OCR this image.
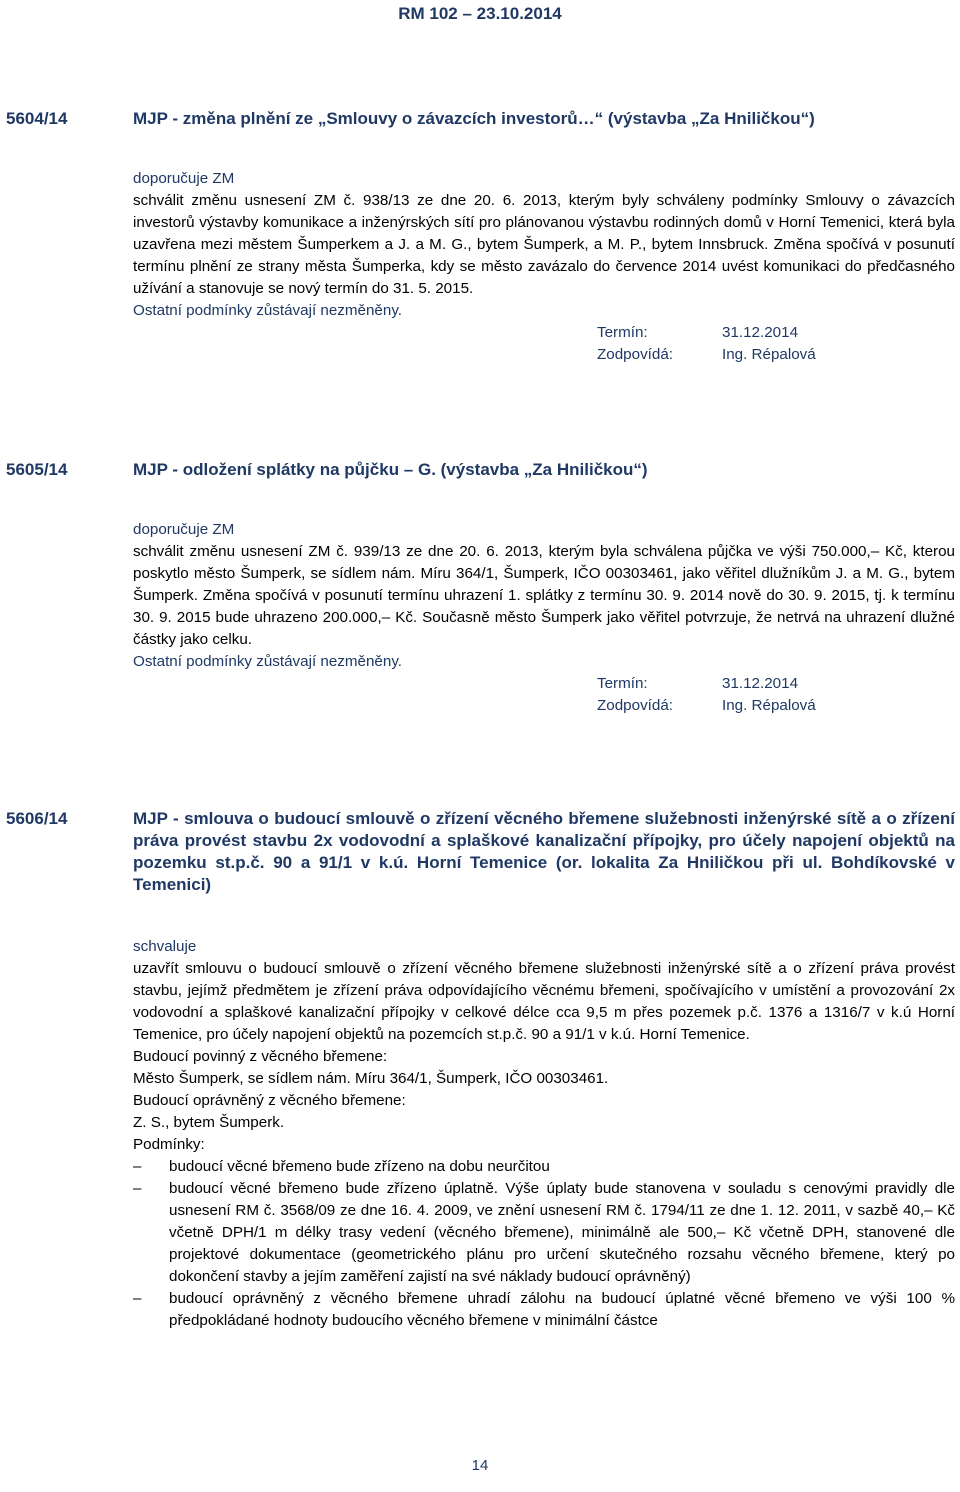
RM 102 – 23.10.2014
5604/14	MJP - změna plnění ze „Smlouvy o závazcích investorů…“ (výstavba „Za Hniličkou“)

doporučuje ZM

schválit změnu usnesení ZM č. 938/13 ze dne 20. 6. 2013, kterým byly schváleny podmínky Smlouvy o závazcích investorů výstavby komunikace a inženýrských sítí pro plánovanou výstavbu rodinných domů v Horní Temenici, která byla uzavřena mezi městem Šumperkem a J. a M. G., bytem Šumperk, a M. P., bytem Innsbruck. Změna spočívá v posunutí termínu plnění ze strany města Šumperka, kdy se město zavázalo do července 2014 uvést komunikaci do předčasného užívání a stanovuje se nový termín do 31. 5. 2015.

Ostatní podmínky zůstávají nezměněny.

Termín:	31.12.2014
Zodpovídá:	Ing. Répalová
5605/14	MJP - odložení splátky na půjčku – G. (výstavba „Za Hniličkou“)

doporučuje ZM

schválit změnu usnesení ZM č. 939/13 ze dne 20. 6. 2013, kterým byla schválena půjčka ve výši 750.000,– Kč, kterou poskytlo město Šumperk, se sídlem nám. Míru 364/1, Šumperk, IČO 00303461, jako věřitel dlužníkům J. a M. G., bytem Šumperk. Změna spočívá v posunutí termínu uhrazení 1. splátky z termínu 30. 9. 2014 nově do 30. 9. 2015, tj. k termínu 30. 9. 2015 bude uhrazeno 200.000,– Kč. Současně město Šumperk jako věřitel potvrzuje, že netrvá na uhrazení dlužné částky jako celku.

Ostatní podmínky zůstávají nezměněny.

Termín:	31.12.2014
Zodpovídá:	Ing. Répalová
5606/14	MJP - smlouva o budoucí smlouvě o zřízení věcného břemene služebnosti inženýrské sítě a o zřízení práva provést stavbu 2x vodovodní a splaškové kanalizační přípojky, pro účely napojení objektů na pozemku st.p.č. 90 a 91/1 v k.ú. Horní Temenice (or. lokalita Za Hniličkou při ul. Bohdíkovské v Temenici)

schvaluje

uzavřít smlouvu o budoucí smlouvě o zřízení věcného břemene služebnosti inženýrské sítě a o zřízení práva provést stavbu, jejímž předmětem je zřízení práva odpovídajícího věcnému břemeni, spočívajícího v umístění a provozování 2x vodovodní a splaškové kanalizační přípojky v celkové délce cca 9,5 m přes pozemek p.č. 1376 a 1316/7 v k.ú Horní Temenice, pro účely napojení objektů na pozemcích st.p.č. 90 a 91/1 v k.ú. Horní Temenice.

Budoucí povinný z věcného břemene:

Město Šumperk, se sídlem nám. Míru 364/1, Šumperk, IČO 00303461.

Budoucí oprávněný z věcného břemene:

Z. S., bytem Šumperk.

Podmínky:

–	budoucí věcné břemeno bude zřízeno na dobu neurčitou
–	budoucí věcné břemeno bude zřízeno úplatně. Výše úplaty bude stanovena v souladu s cenovými pravidly dle usnesení RM č. 3568/09 ze dne 16. 4. 2009, ve znění usnesení RM č. 1794/11 ze dne 1. 12. 2011, v sazbě 40,– Kč včetně DPH/1 m délky trasy vedení (věcného břemene), minimálně ale 500,– Kč včetně DPH, stanovené dle projektové dokumentace (geometrického plánu pro určení skutečného rozsahu věcného břemene, který po dokončení stavby a jejím zaměření zajistí na své náklady budoucí oprávněný)
–	budoucí oprávněný z věcného břemene uhradí zálohu na budoucí úplatné věcné břemeno ve výši 100 % předpokládané hodnoty budoucího věcného břemene v minimální částce
14
